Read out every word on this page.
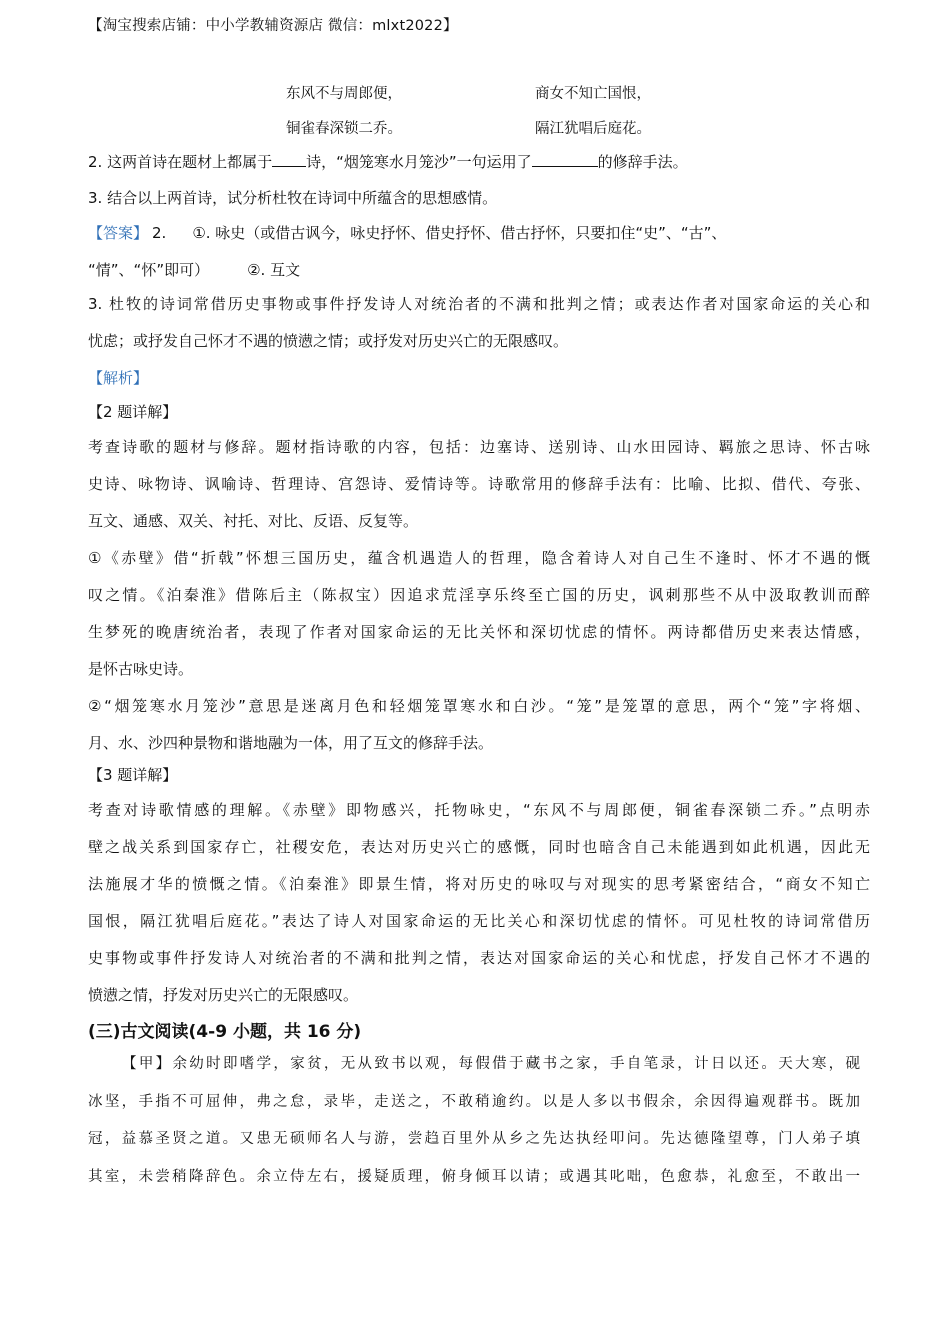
【淘宝搜索店铺：中小学教辅资源店 微信：mlxt2022】
东风不与周郎便，
铜雀春深锁二乔。
商女不知亡国恨，
隔江犹唱后庭花。
2. 这两首诗在题材上都属于 诗，“烟笼寒水月笼沙”一句运用了	的修辞手法。
3. 结合以上两首诗，试分析杜牧在诗词中所蕴含的思想感情。
【答案】 2. ①. 咏史（或借古讽今，咏史抒怀、借史抒怀、借古抒怀，只要扣住“史”、“古”、
“情”、“怀”即可）	②. 互文
3. 杜牧的诗词常借历史事物或事件抒发诗人对统治者的不满和批判之情；或表达作者对国家命运的关心和
忧虑；或抒发自己怀才不遇的愤懑之情；或抒发对历史兴亡的无限感叹。
【解析】
【2 题详解】
考查诗歌的题材与修辞。题材指诗歌的内容，包括：边塞诗、送别诗、山水田园诗、羁旅之思诗、怀古咏
史诗、咏物诗、讽喻诗、哲理诗、宫怨诗、爱情诗等。诗歌常用的修辞手法有：比喻、比拟、借代、夸张、
互文、通感、双关、衬托、对比、反语、反复等。
①《赤壁》借“折戟”怀想三国历史，蕴含机遇造人的哲理，隐含着诗人对自己生不逢时、怀才不遇的慨
叹之情。《泊秦淮》借陈后主（陈叔宝）因追求荒淫享乐终至亡国的历史，讽刺那些不从中汲取教训而醉
生梦死的晚唐统治者，表现了作者对国家命运的无比关怀和深切忧虑的情怀。两诗都借历史来表达情感，
是怀古咏史诗。
②“烟笼寒水月笼沙”意思是迷离月色和轻烟笼罩寒水和白沙。“笼”是笼罩的意思，两个“笼”字将烟、
月、水、沙四种景物和谐地融为一体，用了互文的修辞手法。
【3 题详解】
考查对诗歌情感的理解。《赤壁》即物感兴，托物咏史，“东风不与周郎便，铜雀春深锁二乔。”点明赤
壁之战关系到国家存亡，社稷安危，表达对历史兴亡的感慨，同时也暗含自己未能遇到如此机遇，因此无
法施展才华的愤慨之情。《泊秦淮》即景生情，将对历史的咏叹与对现实的思考紧密结合，“商女不知亡
国恨，隔江犹唱后庭花。”表达了诗人对国家命运的无比关心和深切忧虑的情怀。可见杜牧的诗词常借历
史事物或事件抒发诗人对统治者的不满和批判之情，表达对国家命运的关心和忧虑，抒发自己怀才不遇的
愤懑之情，抒发对历史兴亡的无限感叹。
(三)古文阅读(4-9 小题，共 16 分)
【甲】余幼时即嗜学，家贫，无从致书以观，每假借于藏书之家，手自笔录，计日以还。天大寒，砚
冰坚，手指不可屈伸，弗之怠，录毕，走送之，不敢稍逾约。以是人多以书假余，余因得遍观群书。既加
冠，益慕圣贤之道。又患无硕师名人与游，尝趋百里外从乡之先达执经叩问。先达德隆望尊，门人弟子填
其室，未尝稍降辞色。余立侍左右，援疑质理，俯身倾耳以请；或遇其叱咄，色愈恭，礼愈至，不敢出一
